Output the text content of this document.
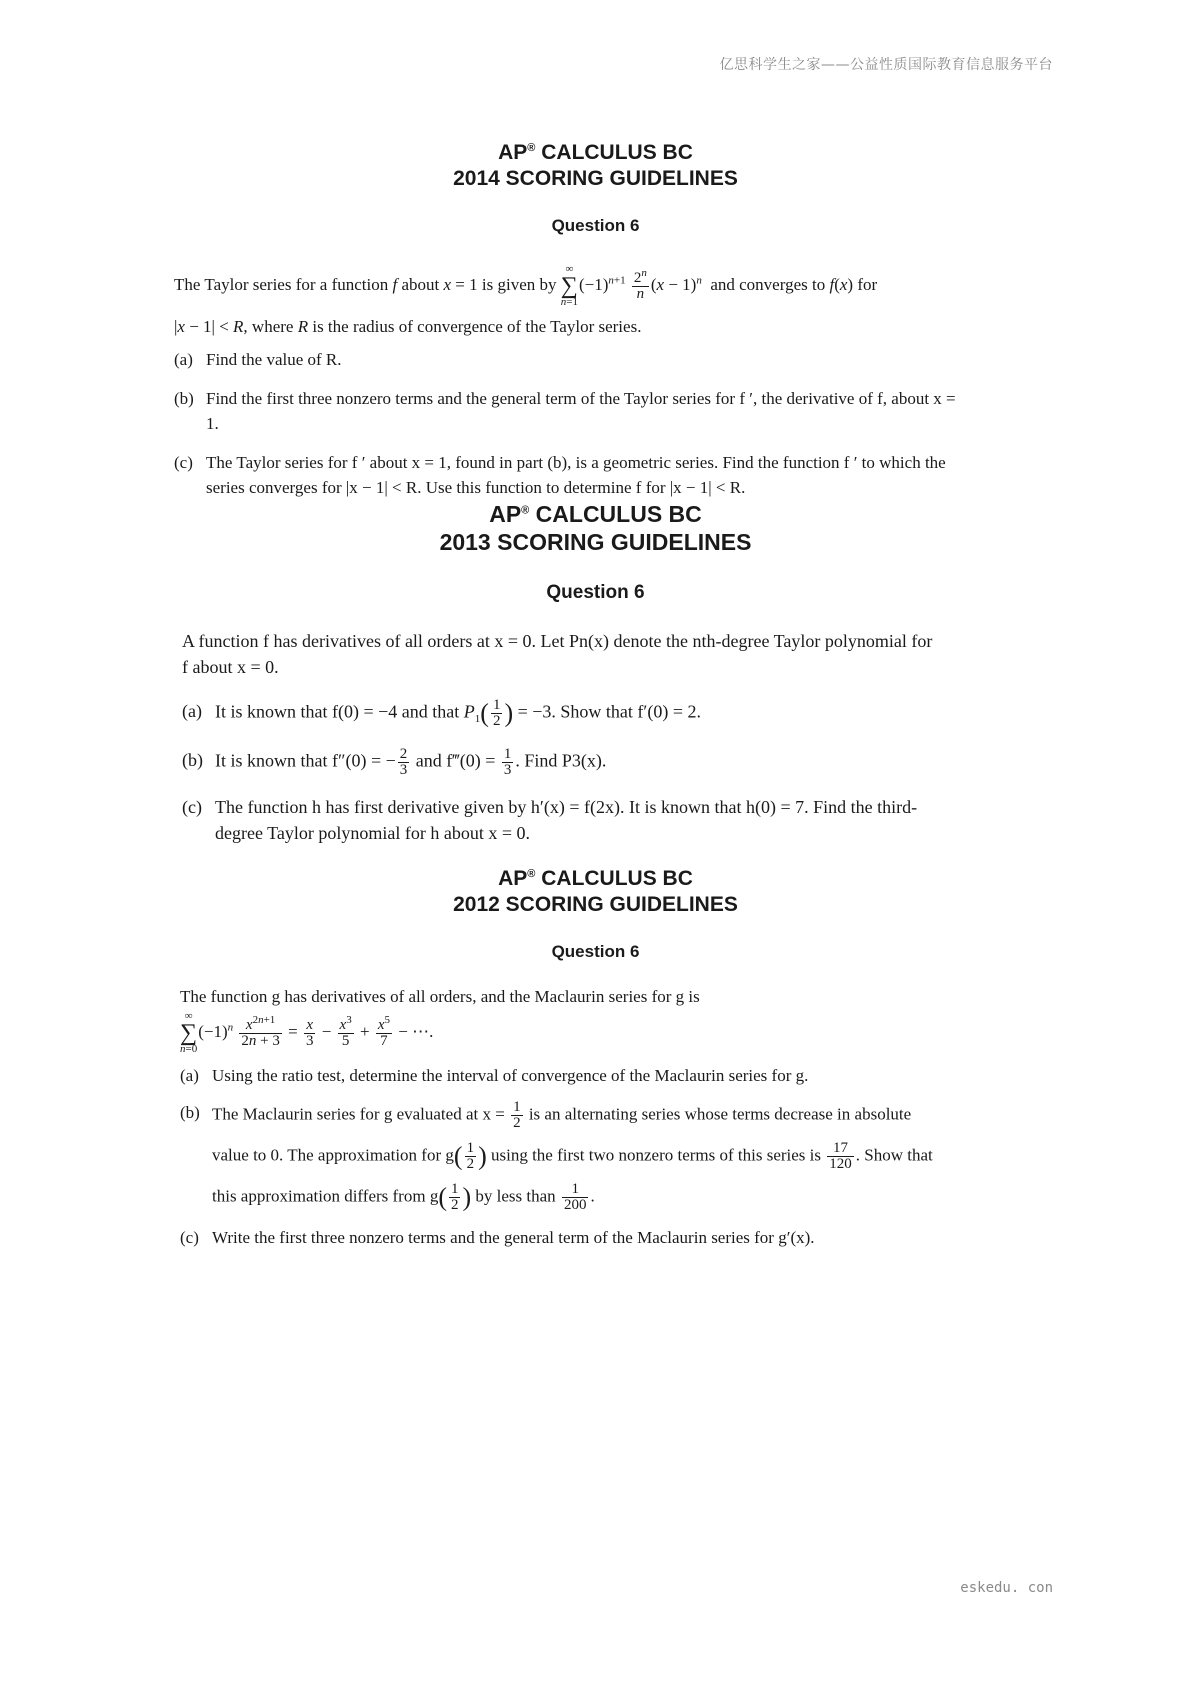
亿思科学生之家——公益性质国际教育信息服务平台
AP® CALCULUS BC
2014 SCORING GUIDELINES
Question 6

The Taylor series for a function f about x = 1 is given by
∞
∑
n=1
$(-1)^{n+1} \frac{2^n}{n} (x - 1)^n$ and converges to f(x) for

|x − 1| < R, where R is the radius of convergence of the Taylor series.

(a) Find the value of R.
(b) Find the first three nonzero terms and the general term of the Taylor series for f ′, the derivative of f, about x = 1.
(c) The Taylor series for f ′ about x = 1, found in part (b), is a geometric series. Find the function f ′ to which the series converges for |x − 1| < R. Use this function to determine f for |x − 1| < R.
AP® CALCULUS BC
2013 SCORING GUIDELINES
Question 6

A function f has derivatives of all orders at x = 0. Let Pn(x) denote the nth-degree Taylor polynomial for f about x = 0.

(a) It is known that f(0) = −4 and that $P_1( \frac{1}{2}$ ) = −3. Show that f′(0) = 2.
(b) It is known that f″(0) = − $\frac{2}{3}$ and f‴(0) = $\frac{1}{3}$ . Find P3(x).
(c) The function h has first derivative given by h′(x) = f(2x). It is known that h(0) = 7. Find the third-degree Taylor polynomial for h about x = 0.
AP® CALCULUS BC
2012 SCORING GUIDELINES
Question 6

The function g has derivatives of all orders, and the Maclaurin series for g is

∞
∑
n=0
$(-1)^n \frac{x^{2n+1}}{2n + 3} = \frac{x}{3} - \frac{x^3}{5} + \frac{x^5}{7}$ − ⋯.

(a) Using the ratio test, determine the interval of convergence of the Maclaurin series for g.
(b) The Maclaurin series for g evaluated at $x = \frac{1}{2}$ is an alternating series whose terms decrease in absolute
value to 0. The approximation for $g( \frac{1}{2}$ ) using the first two nonzero terms of this series is $\frac{17}{120}$ . Show that
this approximation differs from $g( \frac{1}{2}$ ) by less than $\frac{1}{200}$ .
(c) Write the first three nonzero terms and the general term of the Maclaurin series for g′(x).
eskedu. con
